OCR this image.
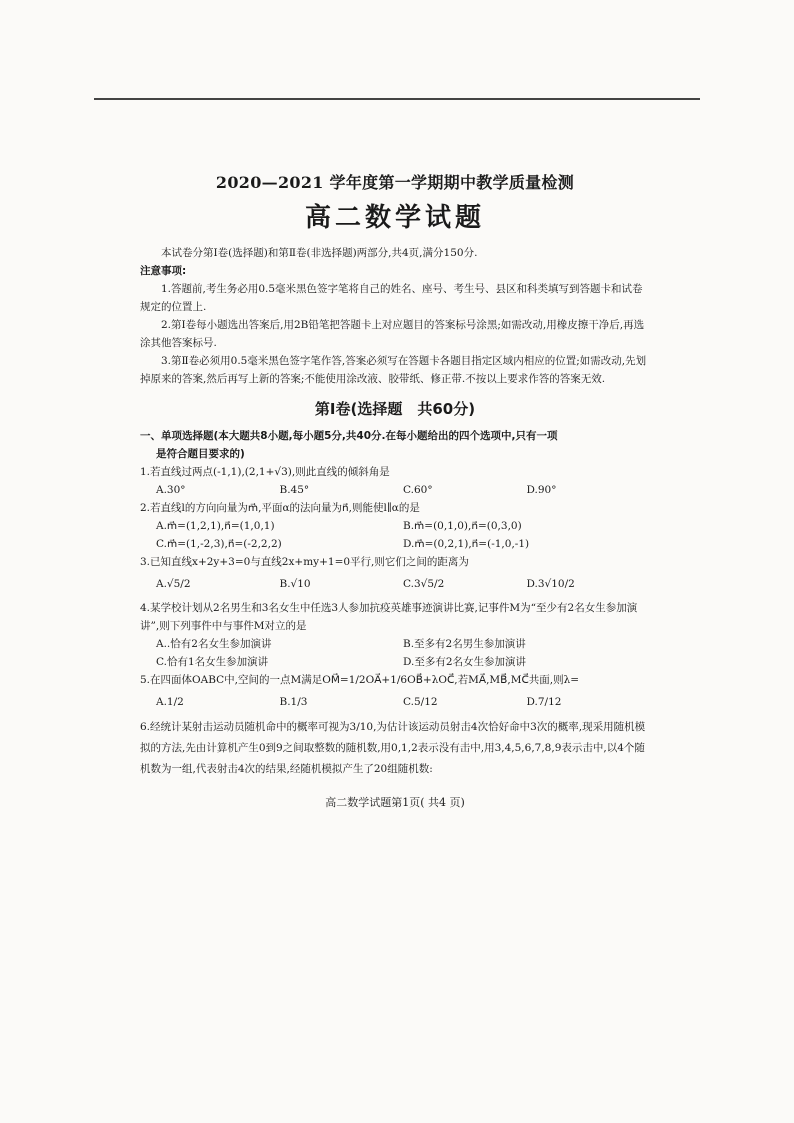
2020—2021 学年度第一学期期中教学质量检测

高二数学试题

本试卷分第Ⅰ卷(选择题)和第Ⅱ卷(非选择题)两部分,共4页,满分150分.

注意事项:

1.答题前,考生务必用0.5毫米黑色签字笔将自己的姓名、座号、考生号、县区和科类填写到答题卡和试卷规定的位置上.

2.第Ⅰ卷每小题选出答案后,用2B铅笔把答题卡上对应题目的答案标号涂黑;如需改动,用橡皮擦干净后,再选涂其他答案标号.

3.第Ⅱ卷必须用0.5毫米黑色签字笔作答,答案必须写在答题卡各题目指定区域内相应的位置;如需改动,先划掉原来的答案,然后再写上新的答案;不能使用涂改液、胶带纸、修正带.不按以上要求作答的答案无效.

第Ⅰ卷(选择题　共60分)

一、单项选择题(本大题共8小题,每小题5分,共40分.在每小题给出的四个选项中,只有一项

是符合题目要求的)

1.若直线过两点(-1,1),(2,1+√3),则此直线的倾斜角是

A.30°	B.45°	C.60°	D.90°

2.若直线l的方向向量为m⃗,平面α的法向量为n⃗,则能使l∥α的是

A.m⃗=(1,2,1),n⃗=(1,0,1)	B.m⃗=(0,1,0),n⃗=(0,3,0)
C.m⃗=(1,-2,3),n⃗=(-2,2,2)	D.m⃗=(0,2,1),n⃗=(-1,0,-1)

3.已知直线x+2y+3=0与直线2x+my+1=0平行,则它们之间的距离为

A.√5/2	B.√10	C.3√5/2	D.3√10/2

4.某学校计划从2名男生和3名女生中任选3人参加抗疫英雄事迹演讲比赛,记事件M为“至少有2名女生参加演讲”,则下列事件中与事件M对立的是

A..恰有2名女生参加演讲	B.至多有2名男生参加演讲
C.恰有1名女生参加演讲	D.至多有2名女生参加演讲

5.在四面体OABC中,空间的一点M满足OM⃗=1/2OA⃗+1/6OB⃗+λOC⃗,若MA⃗,MB⃗,MC⃗共面,则λ=

A.1/2	B.1/3	C.5/12	D.7/12

6.经统计某射击运动员随机命中的概率可视为3/10,为估计该运动员射击4次恰好命中3次的概率,现采用随机模拟的方法,先由计算机产生0到9之间取整数的随机数,用0,1,2表示没有击中,用3,4,5,6,7,8,9表示击中,以4个随机数为一组,代表射击4次的结果,经随机模拟产生了20组随机数:

高二数学试题第1页( 共4 页)
